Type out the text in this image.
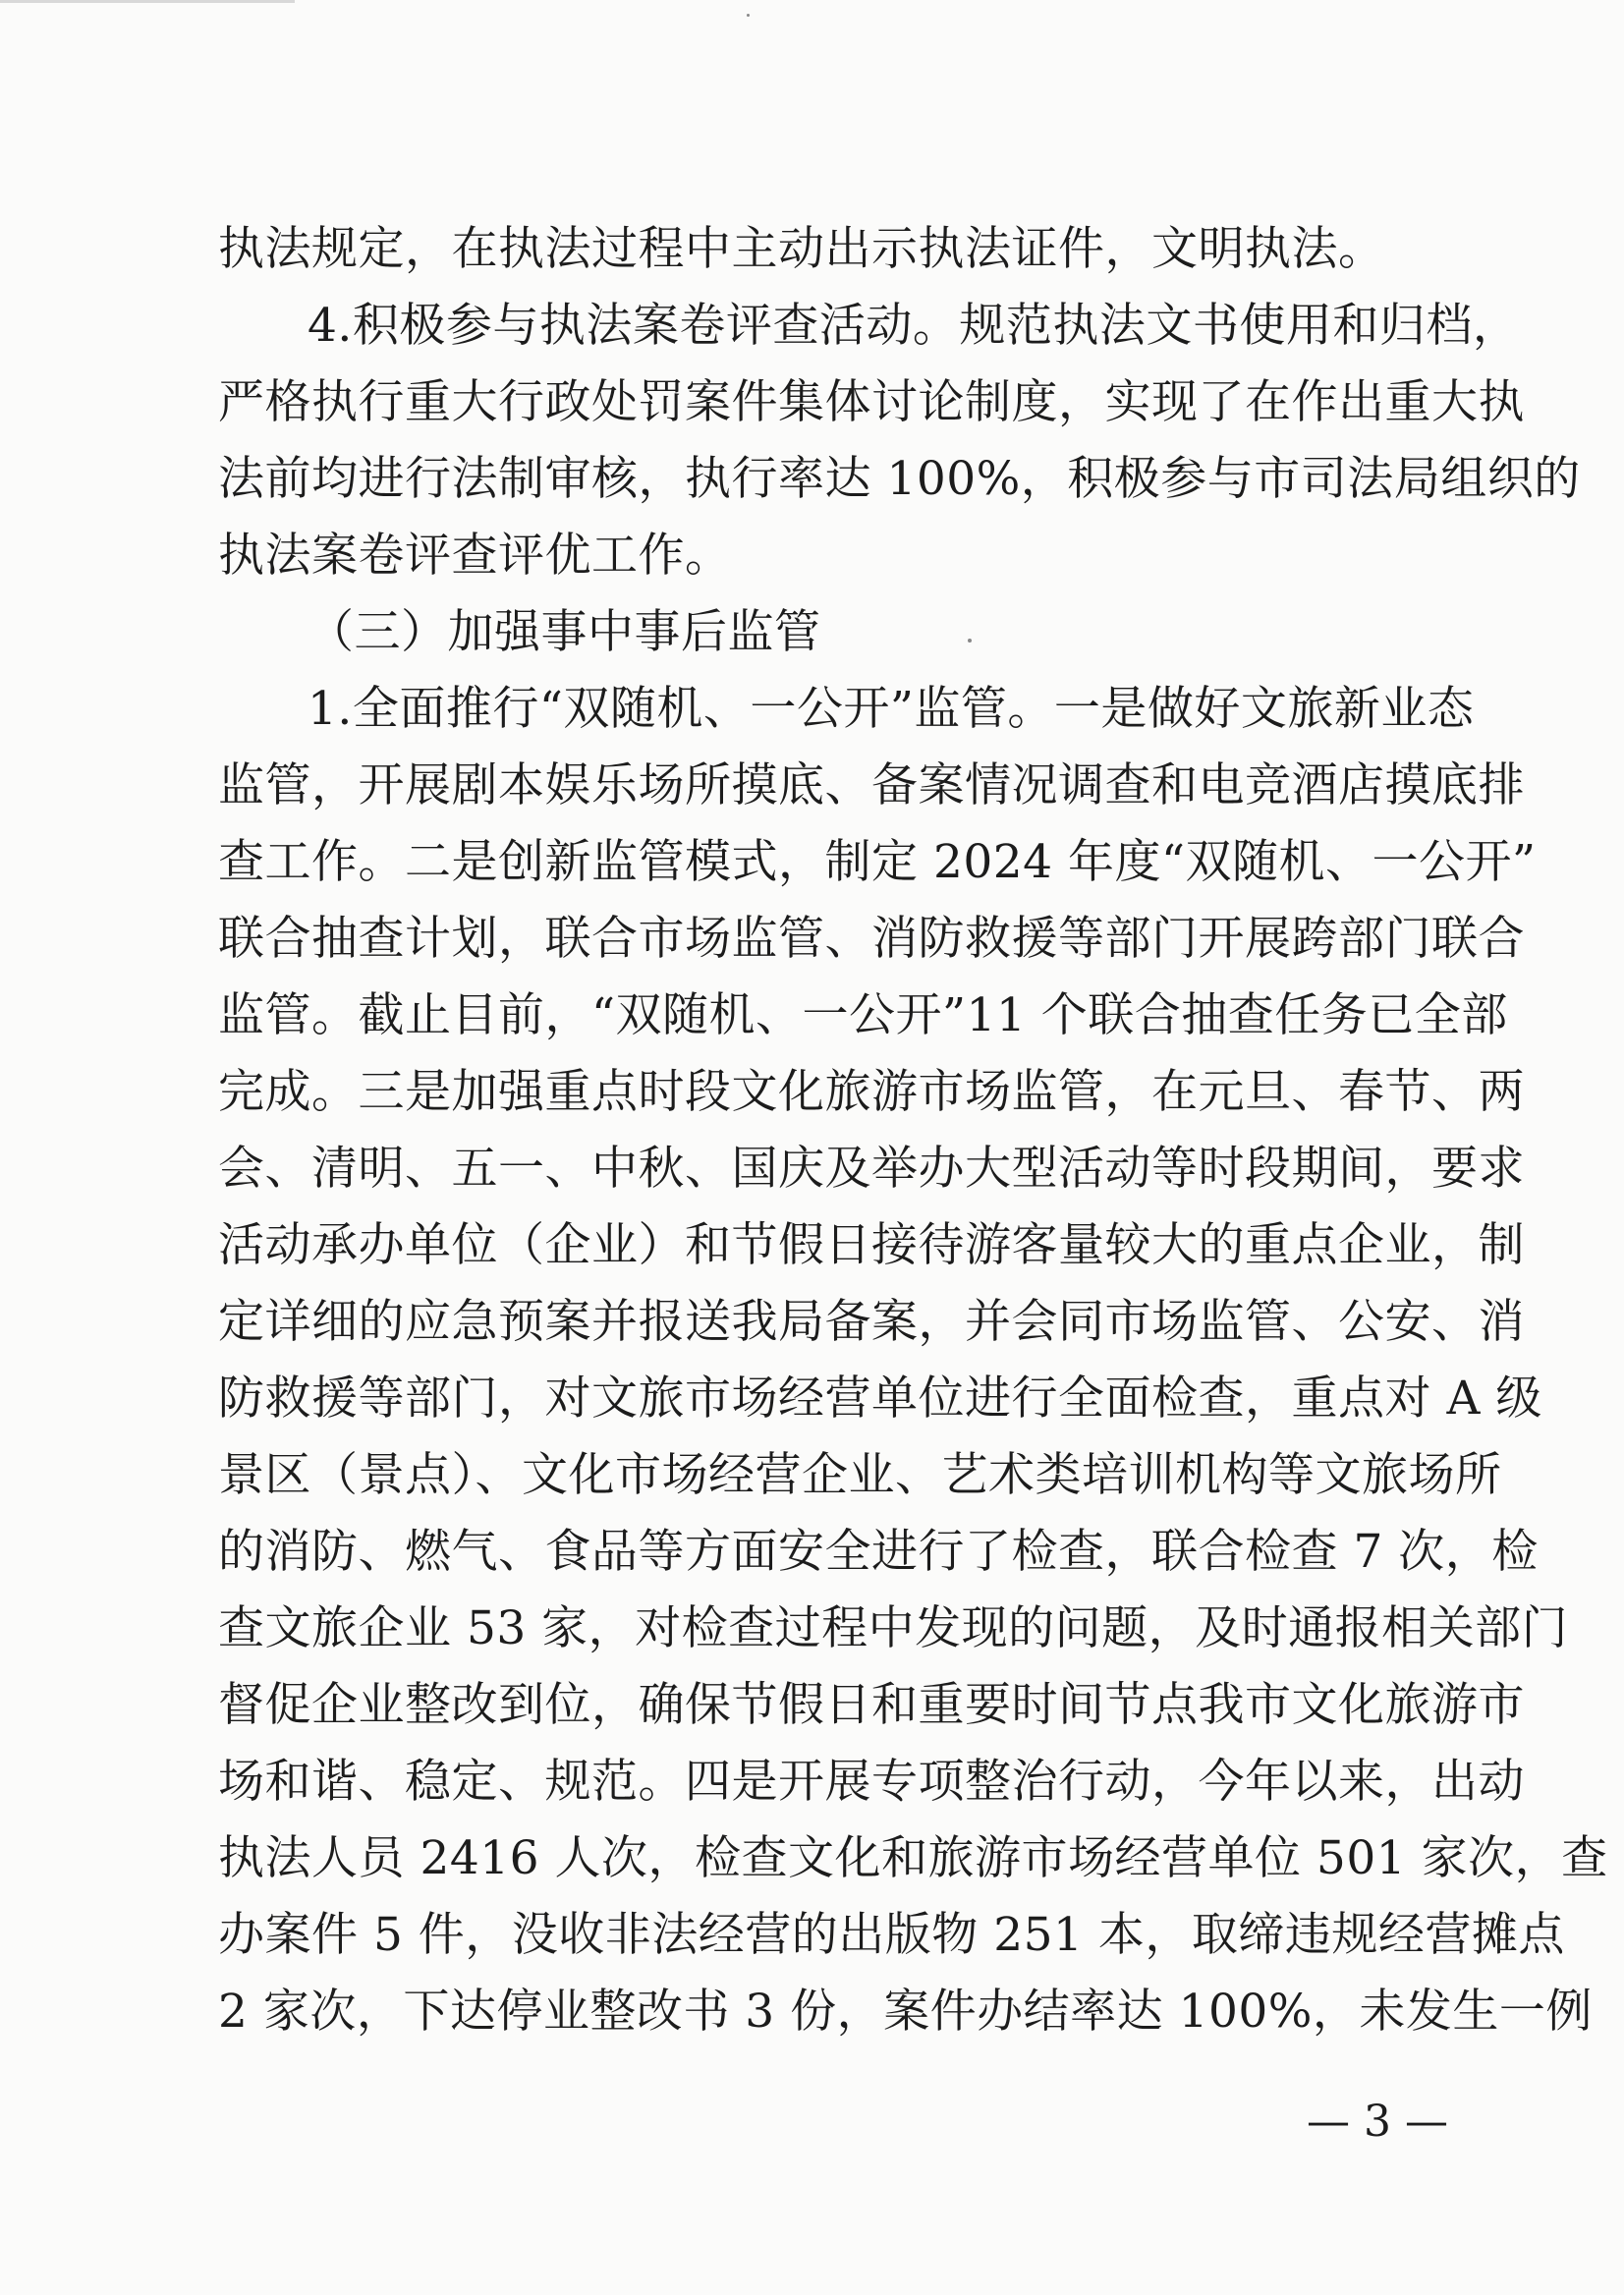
执法规定，在执法过程中主动出示执法证件，文明执法。
4.积极参与执法案卷评查活动。规范执法文书使用和归档，
严格执行重大行政处罚案件集体讨论制度，实现了在作出重大执
法前均进行法制审核，执行率达 100%，积极参与市司法局组织的
执法案卷评查评优工作。
（三）加强事中事后监管
1.全面推行“双随机、一公开”监管。一是做好文旅新业态
监管，开展剧本娱乐场所摸底、备案情况调查和电竞酒店摸底排
查工作。二是创新监管模式，制定 2024 年度“双随机、一公开”
联合抽查计划，联合市场监管、消防救援等部门开展跨部门联合
监管。截止目前，“双随机、一公开”11 个联合抽查任务已全部
完成。三是加强重点时段文化旅游市场监管，在元旦、春节、两
会、清明、五一、中秋、国庆及举办大型活动等时段期间，要求
活动承办单位（企业）和节假日接待游客量较大的重点企业，制
定详细的应急预案并报送我局备案，并会同市场监管、公安、消
防救援等部门，对文旅市场经营单位进行全面检查，重点对 A 级
景区（景点）、文化市场经营企业、艺术类培训机构等文旅场所
的消防、燃气、食品等方面安全进行了检查，联合检查 7 次，检
查文旅企业 53 家，对检查过程中发现的问题，及时通报相关部门
督促企业整改到位，确保节假日和重要时间节点我市文化旅游市
场和谐、稳定、规范。四是开展专项整治行动，今年以来，出动
执法人员 2416 人次，检查文化和旅游市场经营单位 501 家次，查
办案件 5 件，没收非法经营的出版物 251 本，取缔违规经营摊点
2 家次，下达停业整改书 3 份，案件办结率达 100%，未发生一例
— 3 —
